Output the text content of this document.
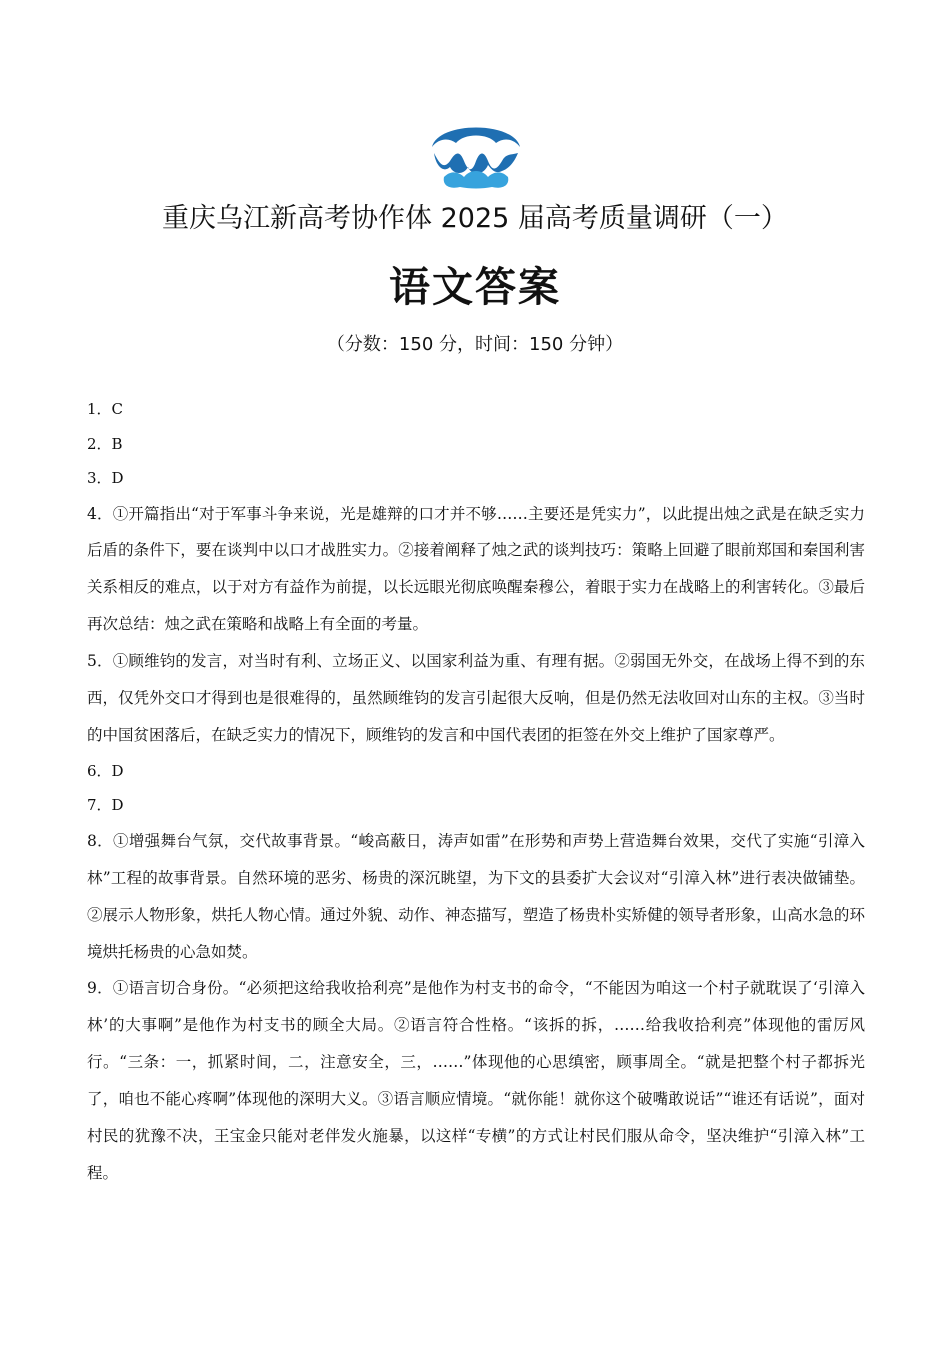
重庆乌江新高考协作体 2025 届高考质量调研（一）
语文答案
（分数：150 分，时间：150 分钟）

1．C

2．B

3．D

4．①开篇指出“对于军事斗争来说，光是雄辩的口才并不够……主要还是凭实力”，以此提出烛之武是在缺乏实力后盾的条件下，要在谈判中以口才战胜实力。②接着阐释了烛之武的谈判技巧：策略上回避了眼前郑国和秦国利害关系相反的难点，以于对方有益作为前提，以长远眼光彻底唤醒秦穆公，着眼于实力在战略上的利害转化。③最后再次总结：烛之武在策略和战略上有全面的考量。

5．①顾维钧的发言，对当时有利、立场正义、以国家利益为重、有理有据。②弱国无外交，在战场上得不到的东西，仅凭外交口才得到也是很难得的，虽然顾维钧的发言引起很大反响，但是仍然无法收回对山东的主权。③当时的中国贫困落后，在缺乏实力的情况下，顾维钧的发言和中国代表团的拒签在外交上维护了国家尊严。

6．D

7．D

8．①增强舞台气氛，交代故事背景。“峻高蔽日，涛声如雷”在形势和声势上营造舞台效果，交代了实施“引漳入林”工程的故事背景。自然环境的恶劣、杨贵的深沉眺望，为下文的县委扩大会议对“引漳入林”进行表决做铺垫。②展示人物形象，烘托人物心情。通过外貌、动作、神态描写，塑造了杨贵朴实矫健的领导者形象，山高水急的环境烘托杨贵的心急如焚。

9．①语言切合身份。“必须把这给我收拾利亮”是他作为村支书的命令，“不能因为咱这一个村子就耽误了‘引漳入林’的大事啊”是他作为村支书的顾全大局。②语言符合性格。“该拆的拆，……给我收拾利亮”体现他的雷厉风行。“三条：一，抓紧时间，二，注意安全，三，……”体现他的心思缜密，顾事周全。“就是把整个村子都拆光了，咱也不能心疼啊”体现他的深明大义。③语言顺应情境。“就你能！就你这个破嘴敢说话”“谁还有话说”，面对村民的犹豫不决，王宝金只能对老伴发火施暴，以这样“专横”的方式让村民们服从命令，坚决维护“引漳入林”工程。
